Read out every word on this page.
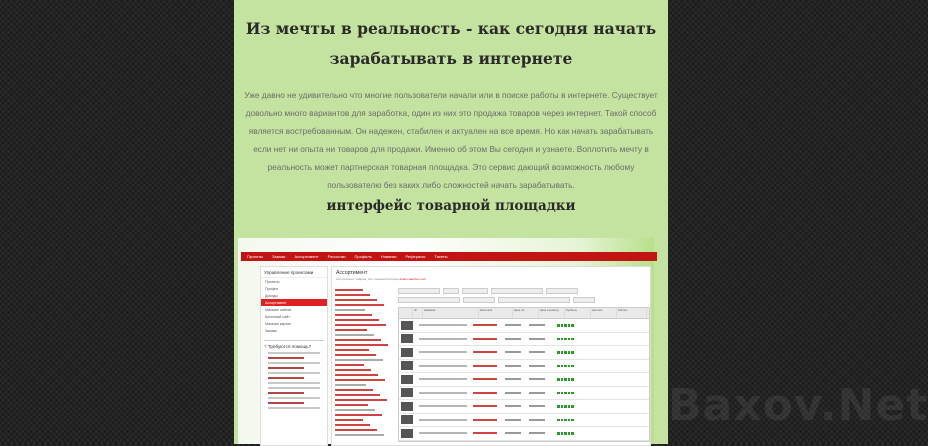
Из мечты в реальность - как сегодня начать зарабатывать в интернете
Уже давно не удивительно что многие пользователи начали или в поиске работы в интернете. Существует довольно много вариантов для заработка, один из них это продажа товаров через интернет. Такой способ является востребованным. Он надежен, стабилен и актуален на все время. Но как начать зарабатывать если нет ни опыта ни товаров для продажи. Именно об этом Вы сегодня и узнаете. Воплотить мечту в реальность может партнерская товарная площадка. Это сервис дающий возможность любому пользователю без каких либо сложностей начать зарабатывать.
интерфейс товарной площадки
Проекты Заказы Ассортимент Рассылки Профиль Новинки Рефералы Тикеты
Управление проектами
Проекты
Профит
Доходы
Ассортимент
Магазин сайтов
Купонный сайт
Магазин картин
Заказы
? Требуются помощь?
Ассортимент
Ассортимент товаров, для товарной вкладки dealer.sale0ver.com
ID	Название	Категория	Цена опт	Цена в розницу	Прибыль	Наличие	Рейтинг
Baxov.Net
